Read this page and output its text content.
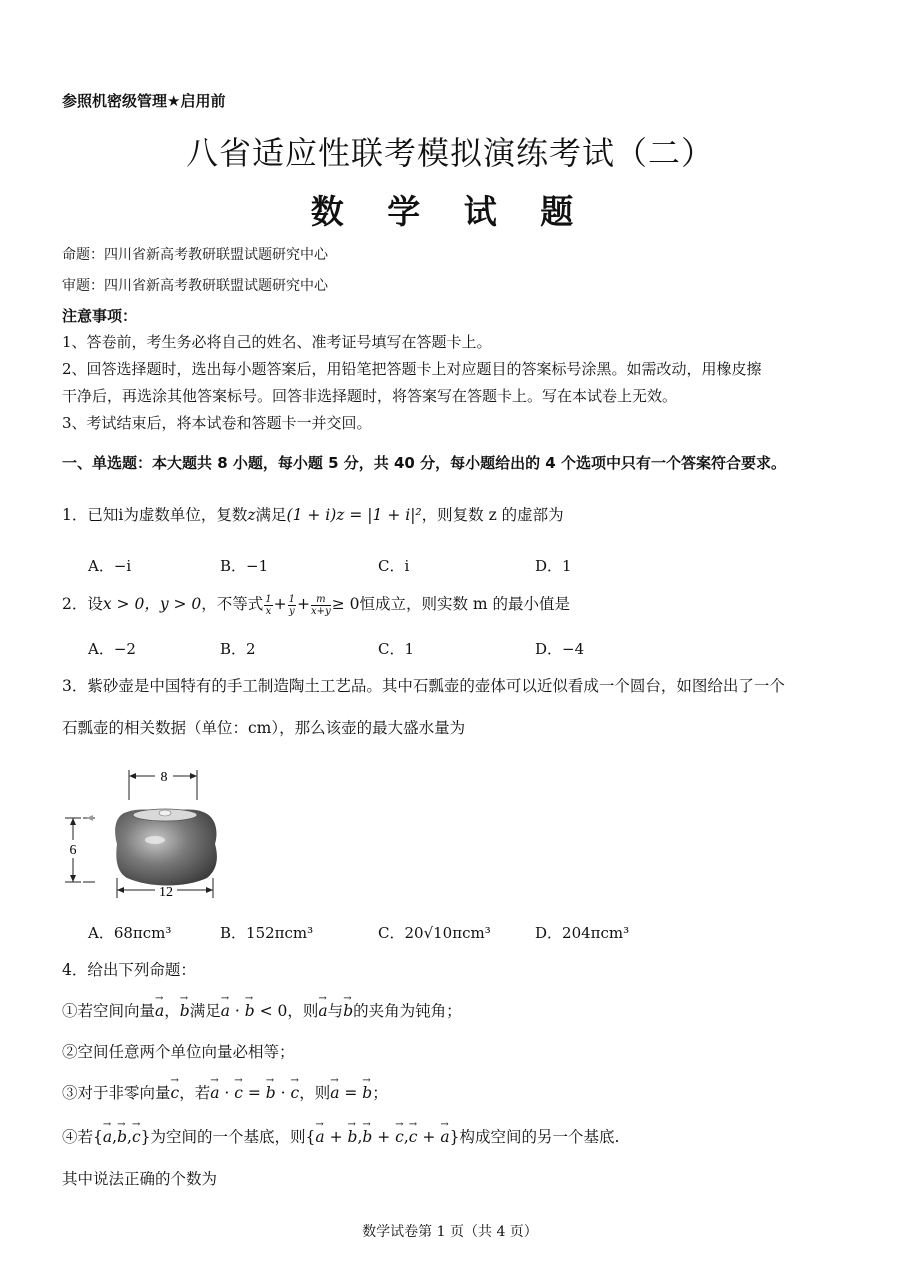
参照机密级管理★启用前
八省适应性联考模拟演练考试（二）
数 学 试 题
命题：四川省新高考教研联盟试题研究中心
审题：四川省新高考教研联盟试题研究中心
注意事项：
1、答卷前，考生务必将自己的姓名、准考证号填写在答题卡上。
2、回答选择题时，选出每小题答案后，用铅笔把答题卡上对应题目的答案标号涂黑。如需改动，用橡皮擦
干净后，再选涂其他答案标号。回答非选择题时，将答案写在答题卡上。写在本试卷上无效。
3、考试结束后，将本试卷和答题卡一并交回。
一、单选题：本大题共 8 小题，每小题 5 分，共 40 分，每小题给出的 4 个选项中只有一个答案符合要求。
1．已知i为虚数单位，复数z满足(1 + i)z = |1 + i|²，则复数 z 的虚部为
A．−i	B．−1	C．i	D．1
2．设x > 0，y > 0，不等式 $\frac{1}{x} + \frac{1}{y} + \frac{m}{x+y} \ge 0$恒成立，则实数 m 的最小值是
A．−2	B．2	C．1	D．−4
3．紫砂壶是中国特有的手工制造陶土工艺品。其中石瓢壶的壶体可以近似看成一个圆台，如图给出了一个
石瓢壶的相关数据（单位：cm），那么该壶的最大盛水量为
8
6
12
A．68πcm³	B．152πcm³	C．20√10πcm³	D．204πcm³
4．给出下列命题：
①若空间向量→ a，→ b满足→ a · → b < 0，则→ a与→ b的夹角为钝角；
②空间任意两个单位向量必相等；
③对于非零向量→ c，若→ a · → c = → b · → c，则→ a = → b；
④若{→ a,→ b,→ c}为空间的一个基底，则{→ a + → b,→ b + → c,→ c + → a}构成空间的另一个基底.
其中说法正确的个数为
数学试卷第 1 页（共 4 页）
